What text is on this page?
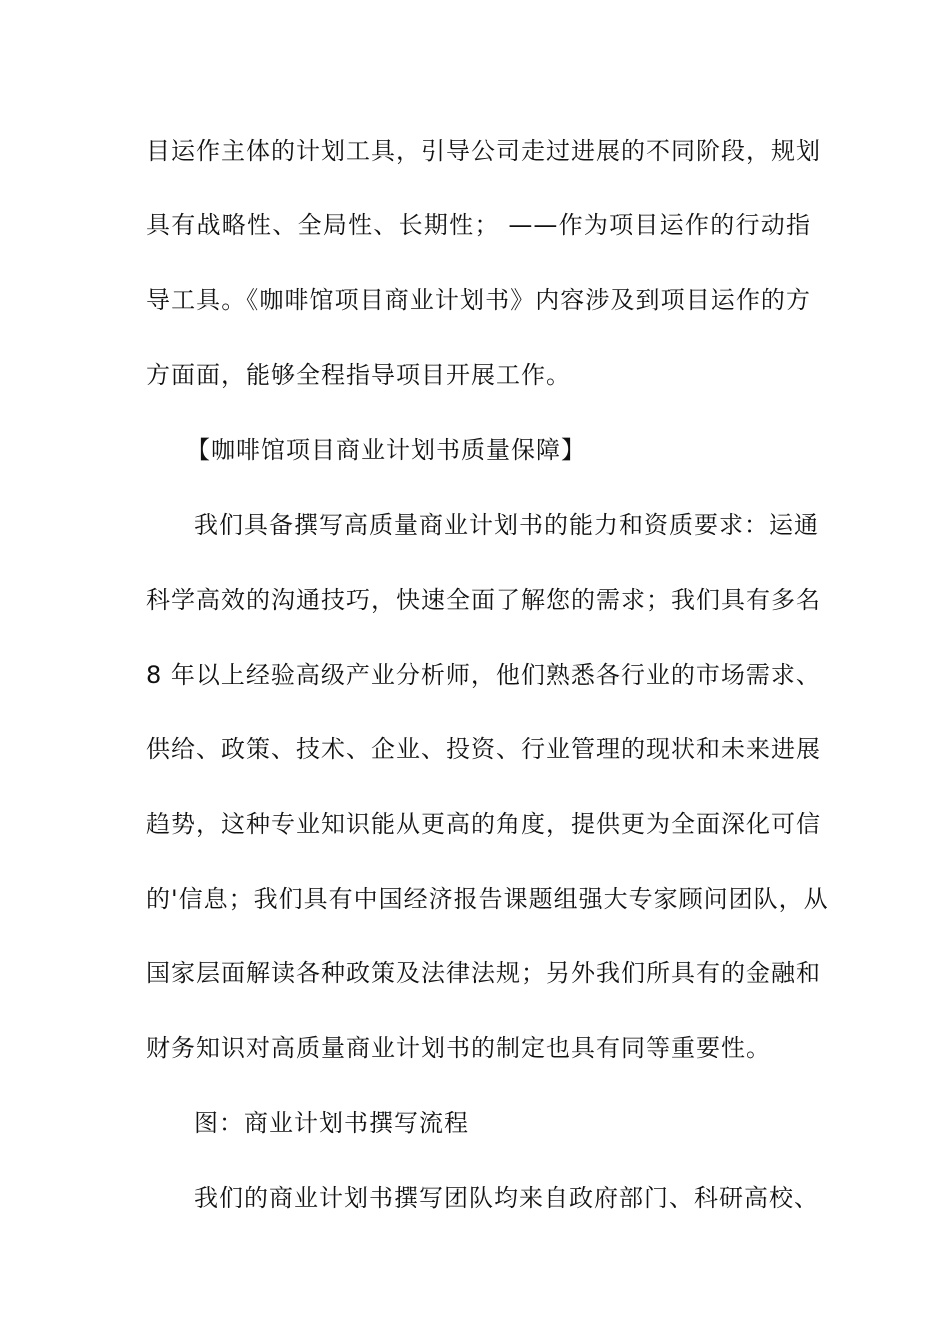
目运作主体的计划工具，引导公司走过进展的不同阶段，规划
具有战略性、全局性、长期性； ——作为项目运作的行动指
导工具。《咖啡馆项目商业计划书》内容涉及到项目运作的方
方面面，能够全程指导项目开展工作。
【咖啡馆项目商业计划书质量保障】
我们具备撰写高质量商业计划书的能力和资质要求：运通
科学高效的沟通技巧，快速全面了解您的需求；我们具有多名
8 年以上经验高级产业分析师，他们熟悉各行业的市场需求、
供给、政策、技术、企业、投资、行业管理的现状和未来进展
趋势，这种专业知识能从更高的角度，提供更为全面深化可信
的'信息；我们具有中国经济报告课题组强大专家顾问团队，从
国家层面解读各种政策及法律法规；另外我们所具有的金融和
财务知识对高质量商业计划书的制定也具有同等重要性。
图：商业计划书撰写流程
我们的商业计划书撰写团队均来自政府部门、科研高校、
